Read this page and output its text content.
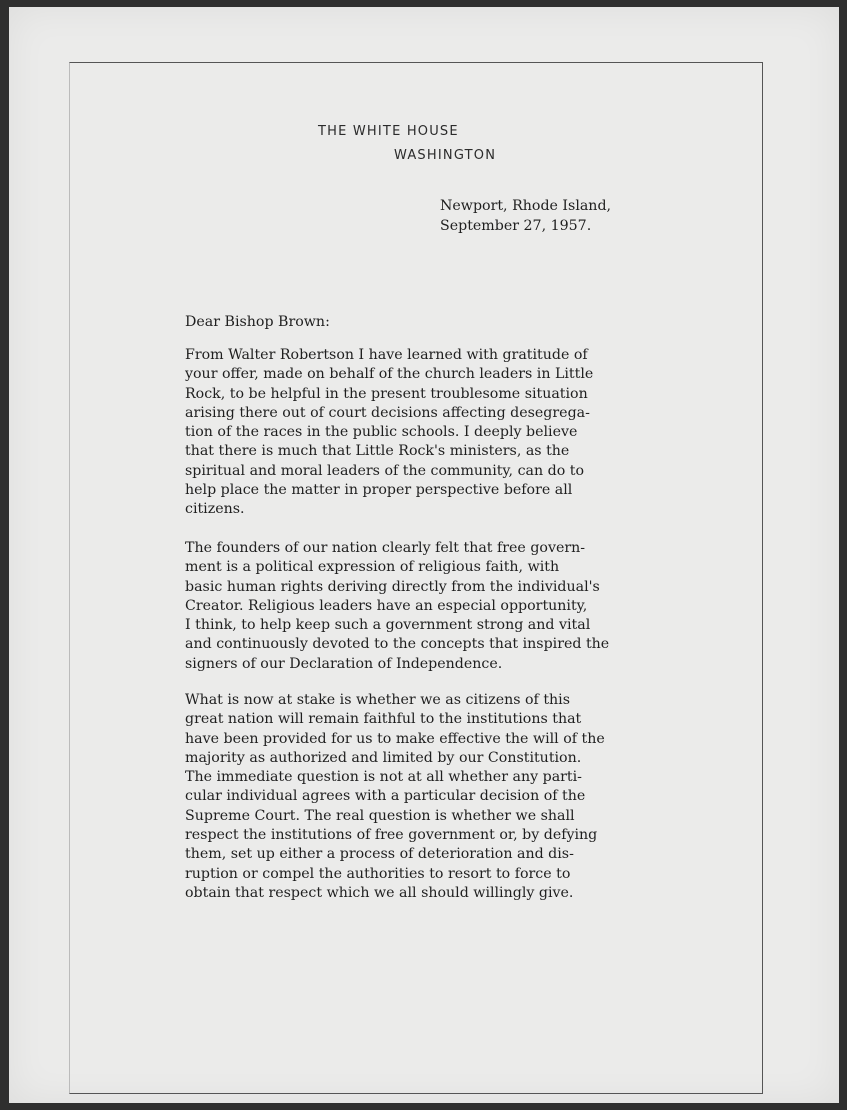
THE WHITE HOUSE
WASHINGTON
Newport, Rhode Island,
September 27, 1957.
Dear Bishop Brown:
From Walter Robertson I have learned with gratitude of
your offer, made on behalf of the church leaders in Little
Rock, to be helpful in the present troublesome situation
arising there out of court decisions affecting desegrega-
tion of the races in the public schools. I deeply believe
that there is much that Little Rock's ministers, as the
spiritual and moral leaders of the community, can do to
help place the matter in proper perspective before all
citizens.
The founders of our nation clearly felt that free govern-
ment is a political expression of religious faith, with
basic human rights deriving directly from the individual's
Creator. Religious leaders have an especial opportunity,
I think, to help keep such a government strong and vital
and continuously devoted to the concepts that inspired the
signers of our Declaration of Independence.
What is now at stake is whether we as citizens of this
great nation will remain faithful to the institutions that
have been provided for us to make effective the will of the
majority as authorized and limited by our Constitution.
The immediate question is not at all whether any parti-
cular individual agrees with a particular decision of the
Supreme Court. The real question is whether we shall
respect the institutions of free government or, by defying
them, set up either a process of deterioration and dis-
ruption or compel the authorities to resort to force to
obtain that respect which we all should willingly give.
